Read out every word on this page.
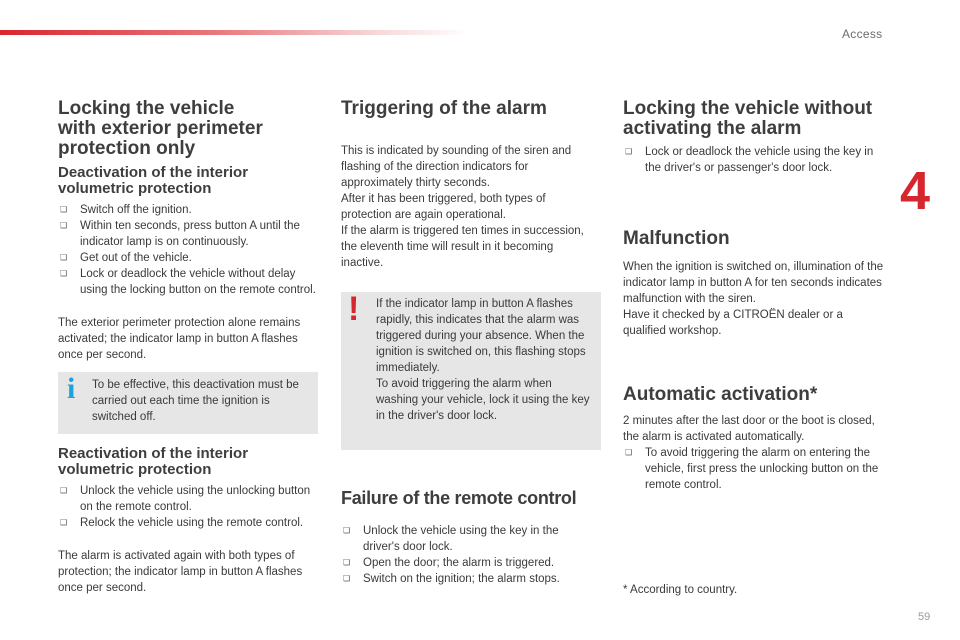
Access
4
Locking the vehicle
with exterior perimeter
protection only
Deactivation of the interior
volumetric protection
❑ Switch off the ignition.
❑ Within ten seconds, press button A until the indicator lamp is on continuously.
❑ Get out of the vehicle.
❑ Lock or deadlock the vehicle without delay using the locking button on the remote control.

The exterior perimeter protection alone remains activated; the indicator lamp in button A flashes once per second.

i To be effective, this deactivation must be carried out each time the ignition is switched off.
Reactivation of the interior
volumetric protection
❑ Unlock the vehicle using the unlocking button on the remote control.
❑ Relock the vehicle using the remote control.

The alarm is activated again with both types of protection; the indicator lamp in button A flashes once per second.

Triggering of the alarm

This is indicated by sounding of the siren and flashing of the direction indicators for approximately thirty seconds.
After it has been triggered, both types of protection are again operational.
If the alarm is triggered ten times in succession, the eleventh time will result in it becoming inactive.

! If the indicator lamp in button A flashes rapidly, this indicates that the alarm was triggered during your absence. When the ignition is switched on, this flashing stops immediately.
To avoid triggering the alarm when washing your vehicle, lock it using the key in the driver's door lock.
Failure of the remote control
❑ Unlock the vehicle using the key in the driver's door lock.
❑ Open the door; the alarm is triggered.
❑ Switch on the ignition; the alarm stops.
Locking the vehicle without
activating the alarm
❑ Lock or deadlock the vehicle using the key in the driver's or passenger's door lock.
Malfunction

When the ignition is switched on, illumination of the indicator lamp in button A for ten seconds indicates malfunction with the siren.
Have it checked by a CITROËN dealer or a qualified workshop.

Automatic activation*

2 minutes after the last door or the boot is closed, the alarm is activated automatically.

❑ To avoid triggering the alarm on entering the vehicle, first press the unlocking button on the remote control.
* According to country.
59
